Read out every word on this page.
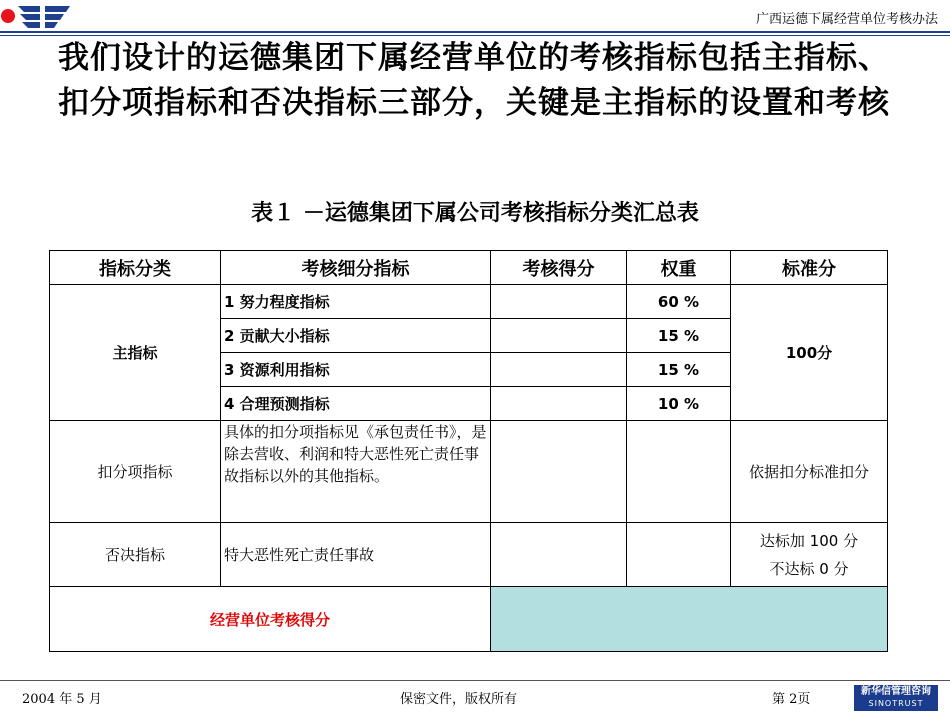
广西运德下属经营单位考核办法
我们设计的运德集团下属经营单位的考核指标包括主指标、扣分项指标和否决指标三部分，关键是主指标的设置和考核
表１ －运德集团下属公司考核指标分类汇总表
指标分类	考核细分指标	考核得分	权重	标准分
主指标	1 努力程度指标		60 %	100分
	2 贡献大小指标		15 %	
	3 资源利用指标		15 %	
	4 合理预测指标		10 %	
扣分项指标	具体的扣分项指标见《承包责任书》，是除去营收、利润和特大恶性死亡责任事故指标以外的其他指标。			依据扣分标准扣分
否决指标	特大恶性死亡责任事故			达标加 100 分
不达标 0 分

经营单位考核得分				
2004 年 5 月	保密文件，版权所有	第 2页
新华信管理咨询
SINOTRUST
